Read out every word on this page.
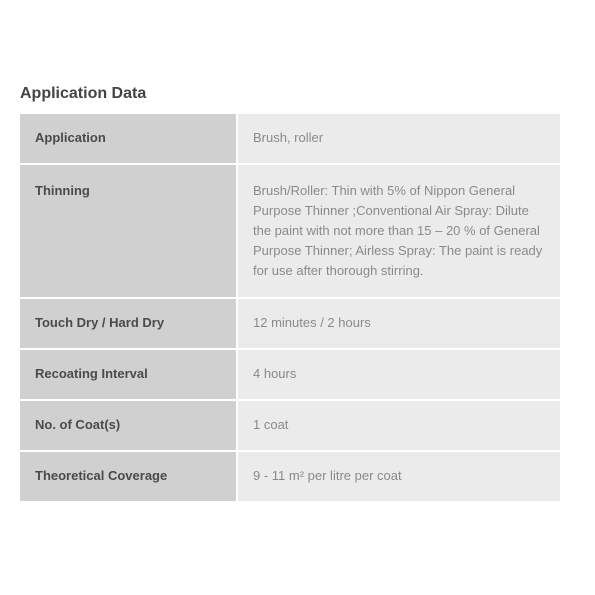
Application Data
Application	Brush, roller
Thinning	Brush/Roller: Thin with 5% of Nippon General Purpose Thinner ;Conventional Air Spray: Dilute the paint with not more than 15 – 20 % of General Purpose Thinner; Airless Spray: The paint is ready for use after thorough stirring.
Touch Dry / Hard Dry	12 minutes / 2 hours
Recoating Interval	4 hours
No. of Coat(s)	1 coat
Theoretical Coverage	9 - 11 m² per litre per coat
